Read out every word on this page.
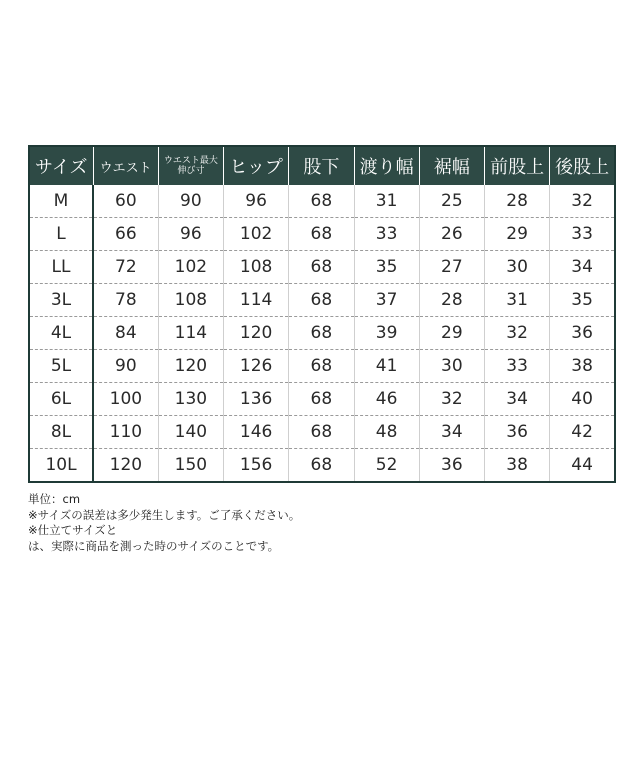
サイズ	ウエスト	ウエスト最大伸び寸	ヒップ	股下	渡り幅	裾幅	前股上	後股上
M	60	90	96	68	31	25	28	32
L	66	96	102	68	33	26	29	33
LL	72	102	108	68	35	27	30	34
3L	78	108	114	68	37	28	31	35
4L	84	114	120	68	39	29	32	36
5L	90	120	126	68	41	30	33	38
6L	100	130	136	68	46	32	34	40
8L	110	140	146	68	48	34	36	42
10L	120	150	156	68	52	36	38	44
単位：cm
※サイズの誤差は多少発生します。ご了承ください。
※仕立てサイズと
は、実際に商品を測った時のサイズのことです。
